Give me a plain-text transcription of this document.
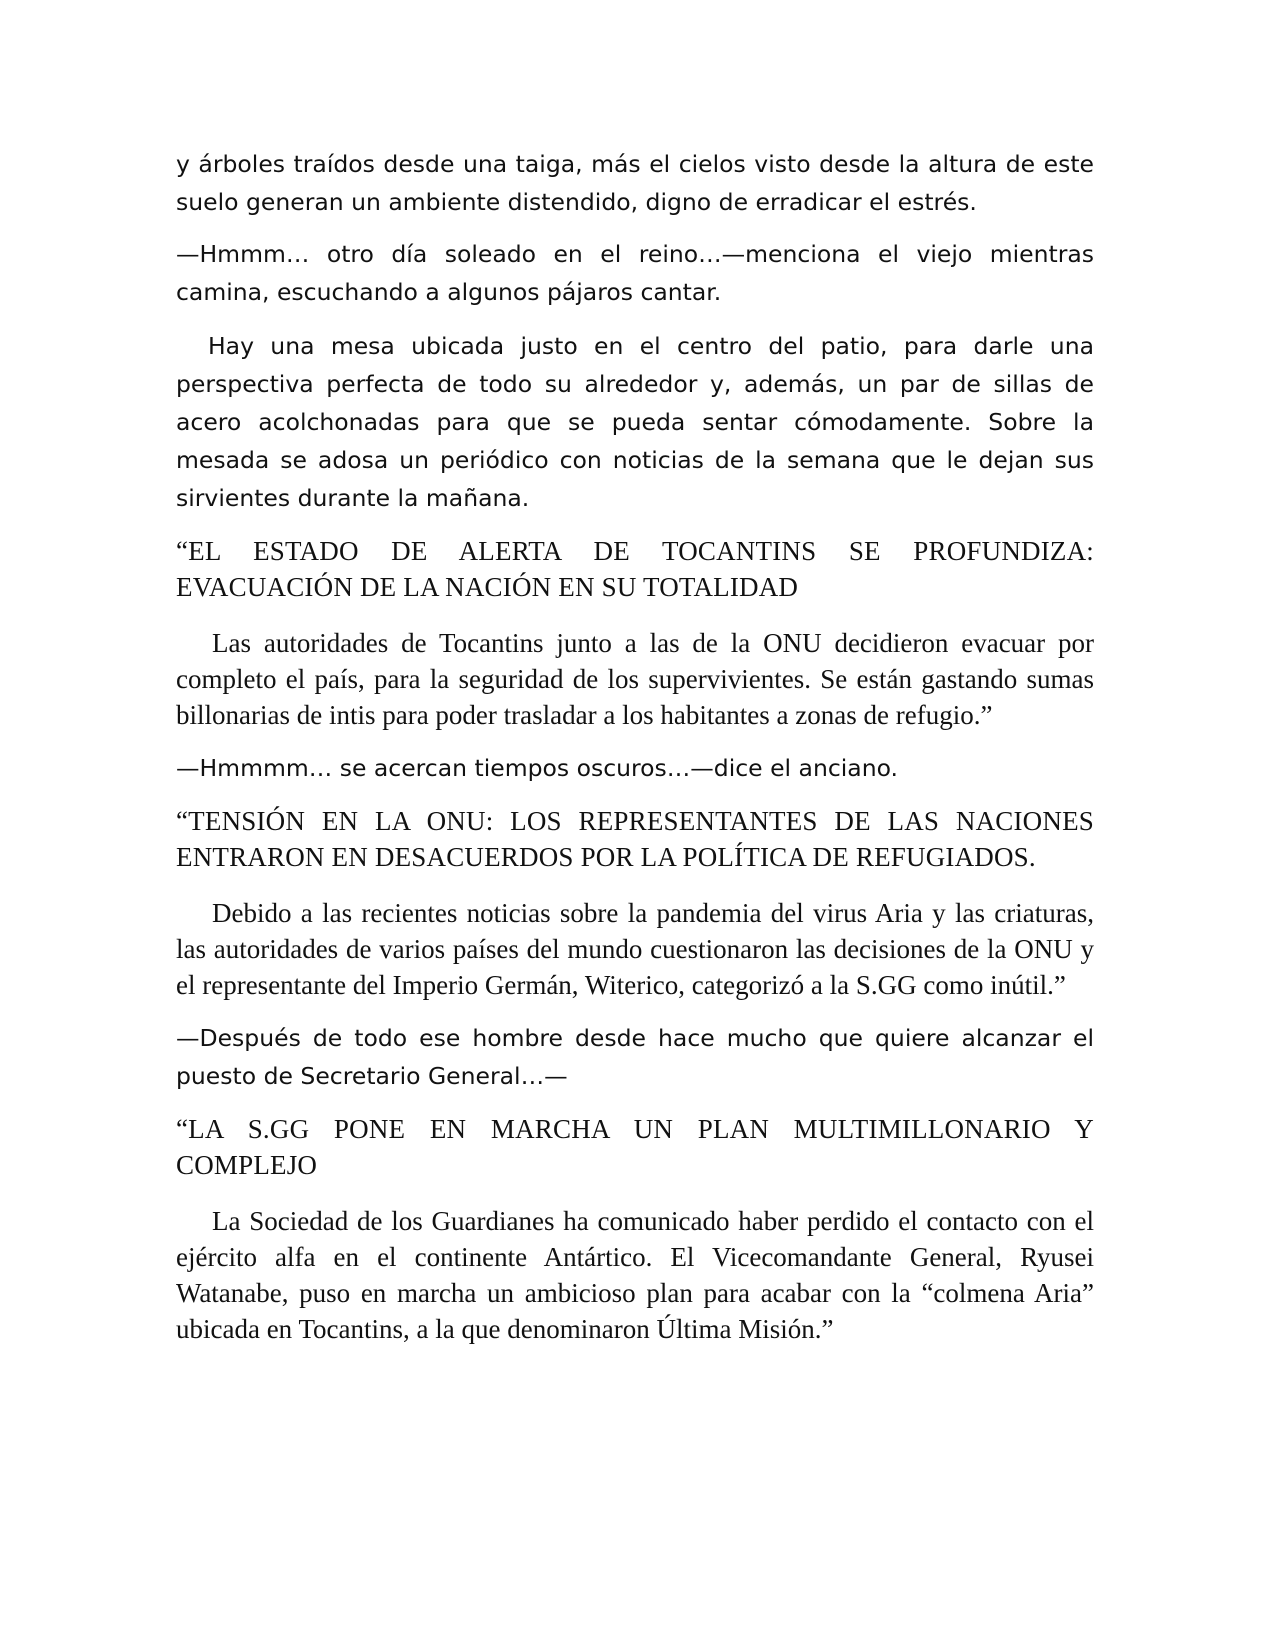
y árboles traídos desde una taiga, más el cielos visto desde la altura de este suelo generan un ambiente distendido, digno de erradicar el estrés.

—Hmmm… otro día soleado en el reino…—menciona el viejo mientras camina, escuchando a algunos pájaros cantar.

Hay una mesa ubicada justo en el centro del patio, para darle una perspectiva perfecta de todo su alrededor y, además, un par de sillas de acero acolchonadas para que se pueda sentar cómodamente. Sobre la mesada se adosa un periódico con noticias de la semana que le dejan sus sirvientes durante la mañana.

“EL ESTADO DE ALERTA DE TOCANTINS SE PROFUNDIZA: EVACUACIÓN DE LA NACIÓN EN SU TOTALIDAD

Las autoridades de Tocantins junto a las de la ONU decidieron evacuar por completo el país, para la seguridad de los supervivientes. Se están gastando sumas billonarias de intis para poder trasladar a los habitantes a zonas de refugio.”

—Hmmmm… se acercan tiempos oscuros…—dice el anciano.

“TENSIÓN EN LA ONU: LOS REPRESENTANTES DE LAS NACIONES ENTRARON EN DESACUERDOS POR LA POLÍTICA DE REFUGIADOS.

Debido a las recientes noticias sobre la pandemia del virus Aria y las criaturas, las autoridades de varios países del mundo cuestionaron las decisiones de la ONU y el representante del Imperio Germán, Witerico, categorizó a la S.GG como inútil.”

—Después de todo ese hombre desde hace mucho que quiere alcanzar el puesto de Secretario General…—

“LA S.GG PONE EN MARCHA UN PLAN MULTIMILLONARIO Y COMPLEJO

La Sociedad de los Guardianes ha comunicado haber perdido el contacto con el ejército alfa en el continente Antártico. El Vicecomandante General, Ryusei Watanabe, puso en marcha un ambicioso plan para acabar con la “colmena Aria” ubicada en Tocantins, a la que denominaron Última Misión.”
